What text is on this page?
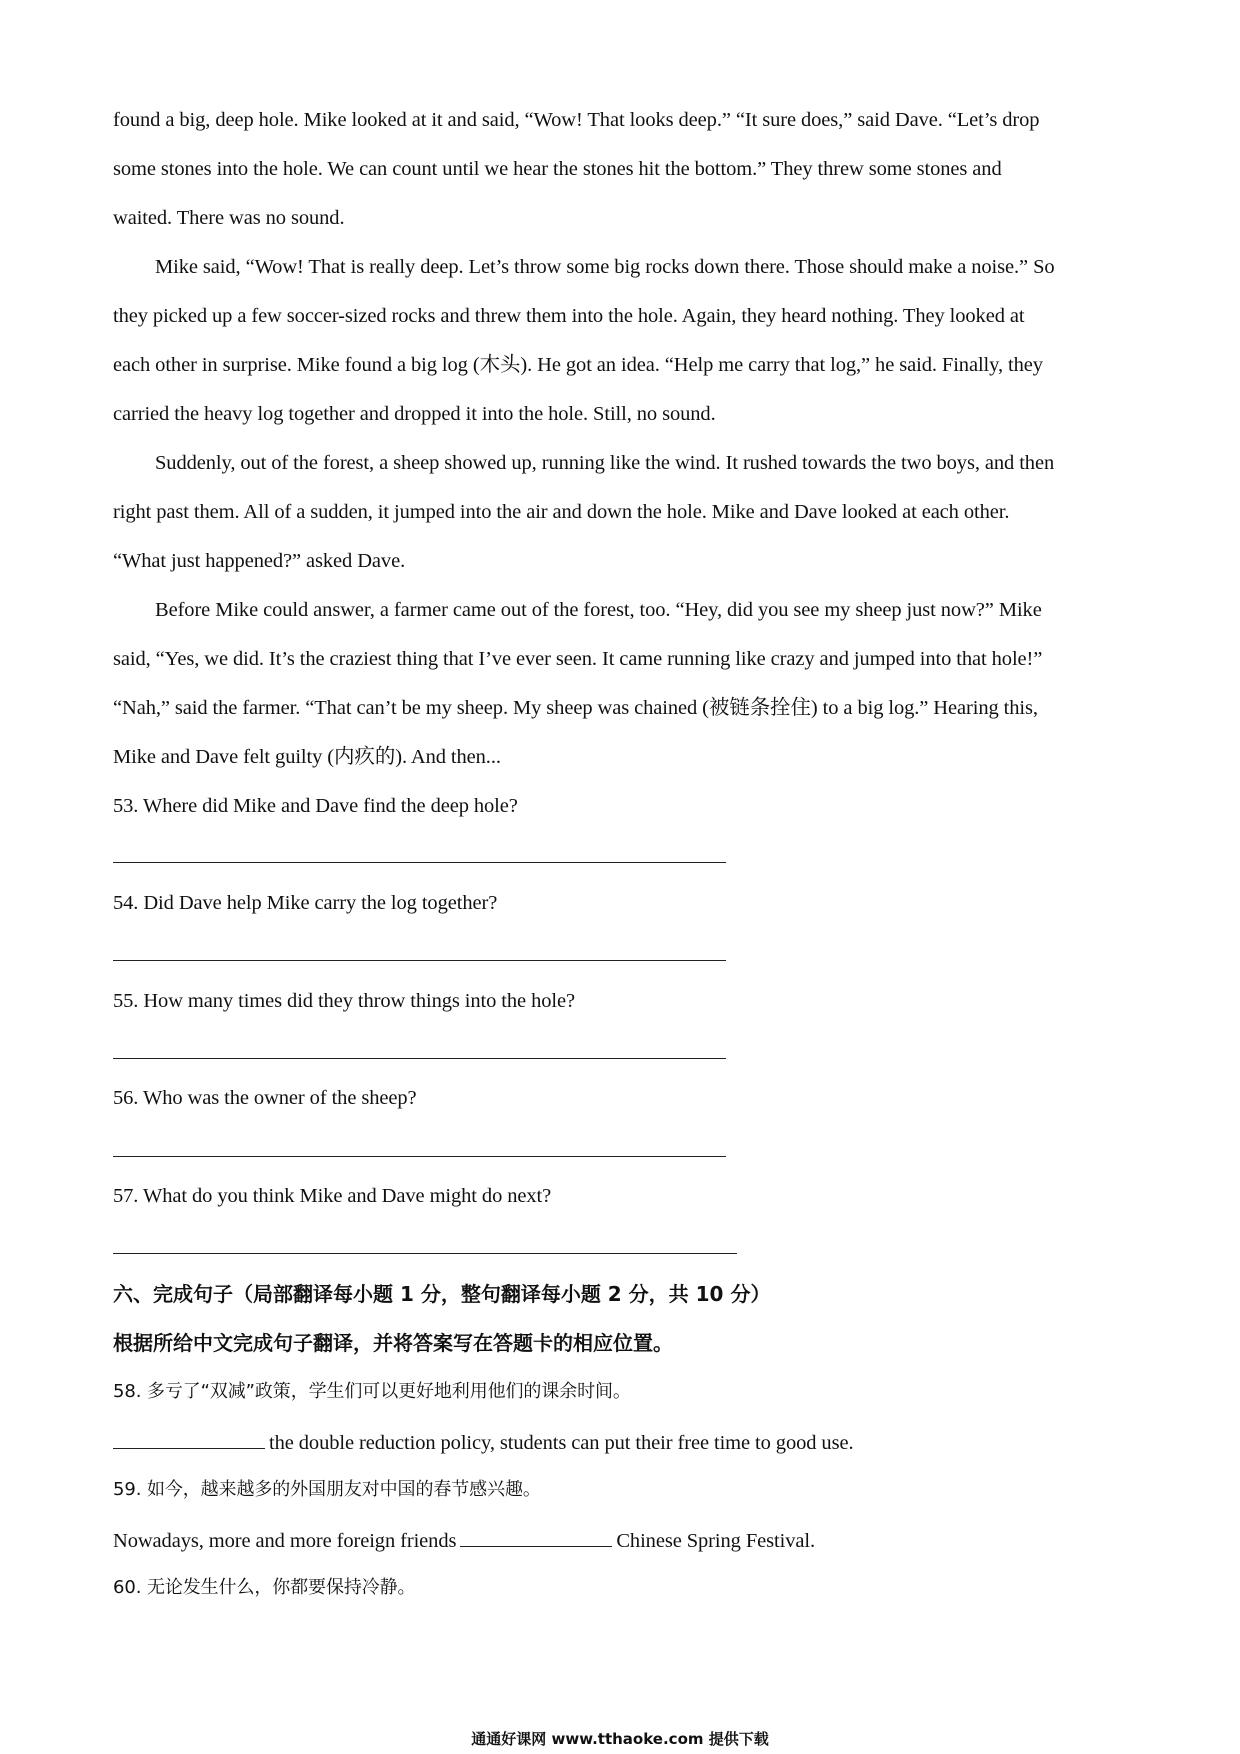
found a big, deep hole. Mike looked at it and said, “Wow! That looks deep.” “It sure does,” said Dave. “Let’s drop
some stones into the hole. We can count until we hear the stones hit the bottom.” They threw some stones and
waited. There was no sound.
Mike said, “Wow! That is really deep. Let’s throw some big rocks down there. Those should make a noise.” So
they picked up a few soccer-sized rocks and threw them into the hole. Again, they heard nothing. They looked at
each other in surprise. Mike found a big log (木头). He got an idea. “Help me carry that log,” he said. Finally, they
carried the heavy log together and dropped it into the hole. Still, no sound.
Suddenly, out of the forest, a sheep showed up, running like the wind. It rushed towards the two boys, and then
right past them. All of a sudden, it jumped into the air and down the hole. Mike and Dave looked at each other.
“What just happened?” asked Dave.
Before Mike could answer, a farmer came out of the forest, too. “Hey, did you see my sheep just now?” Mike
said, “Yes, we did. It’s the craziest thing that I’ve ever seen. It came running like crazy and jumped into that hole!”
“Nah,” said the farmer. “That can’t be my sheep. My sheep was chained (被链条拴住) to a big log.” Hearing this,
Mike and Dave felt guilty (内疚的). And then...
53. Where did Mike and Dave find the deep hole?
54. Did Dave help Mike carry the log together?
55. How many times did they throw things into the hole?
56. Who was the owner of the sheep?
57. What do you think Mike and Dave might do next?
六、完成句子（局部翻译每小题 1 分，整句翻译每小题 2 分，共 10 分）
根据所给中文完成句子翻译，并将答案写在答题卡的相应位置。
58. 多亏了“双减”政策，学生们可以更好地利用他们的课余时间。
the double reduction policy, students can put their free time to good use.
59. 如今，越来越多的外国朋友对中国的春节感兴趣。
Nowadays, more and more foreign friends	Chinese Spring Festival.
60. 无论发生什么，你都要保持冷静。
通通好课网 www.tthaoke.com 提供下载
